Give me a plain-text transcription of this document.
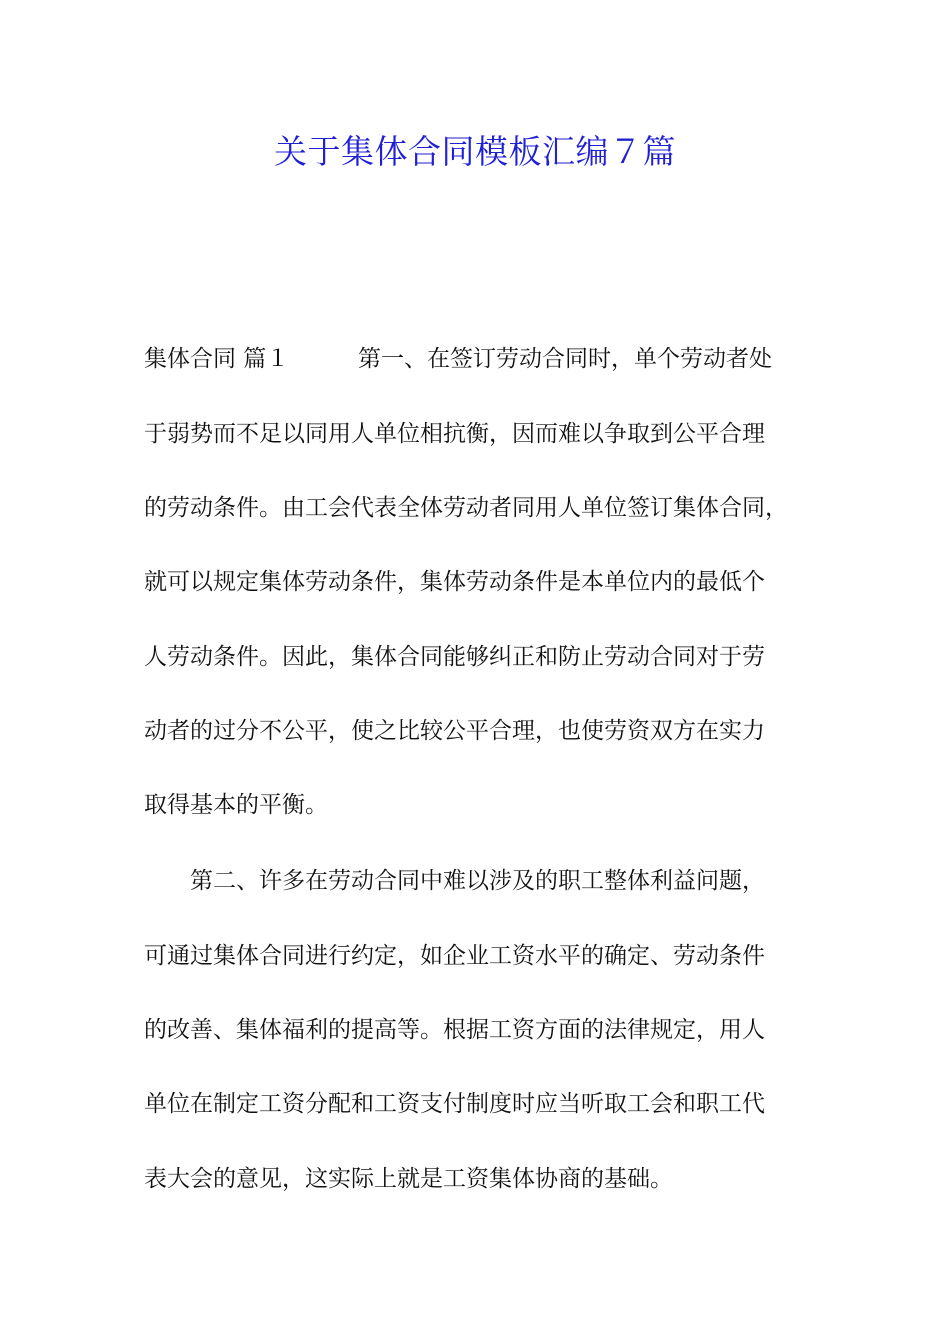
关于集体合同模板汇编７篇

集体合同 篇１	第一、在签订劳动合同时，单个劳动者处

于弱势而不足以同用人单位相抗衡，因而难以争取到公平合理

的劳动条件。由工会代表全体劳动者同用人单位签订集体合同，

就可以规定集体劳动条件，集体劳动条件是本单位内的最低个

人劳动条件。因此，集体合同能够纠正和防止劳动合同对于劳

动者的过分不公平，使之比较公平合理，也使劳资双方在实力

取得基本的平衡。

　　第二、许多在劳动合同中难以涉及的职工整体利益问题，

可通过集体合同进行约定，如企业工资水平的确定、劳动条件

的改善、集体福利的提高等。根据工资方面的法律规定，用人

单位在制定工资分配和工资支付制度时应当听取工会和职工代

表大会的意见，这实际上就是工资集体协商的基础。
